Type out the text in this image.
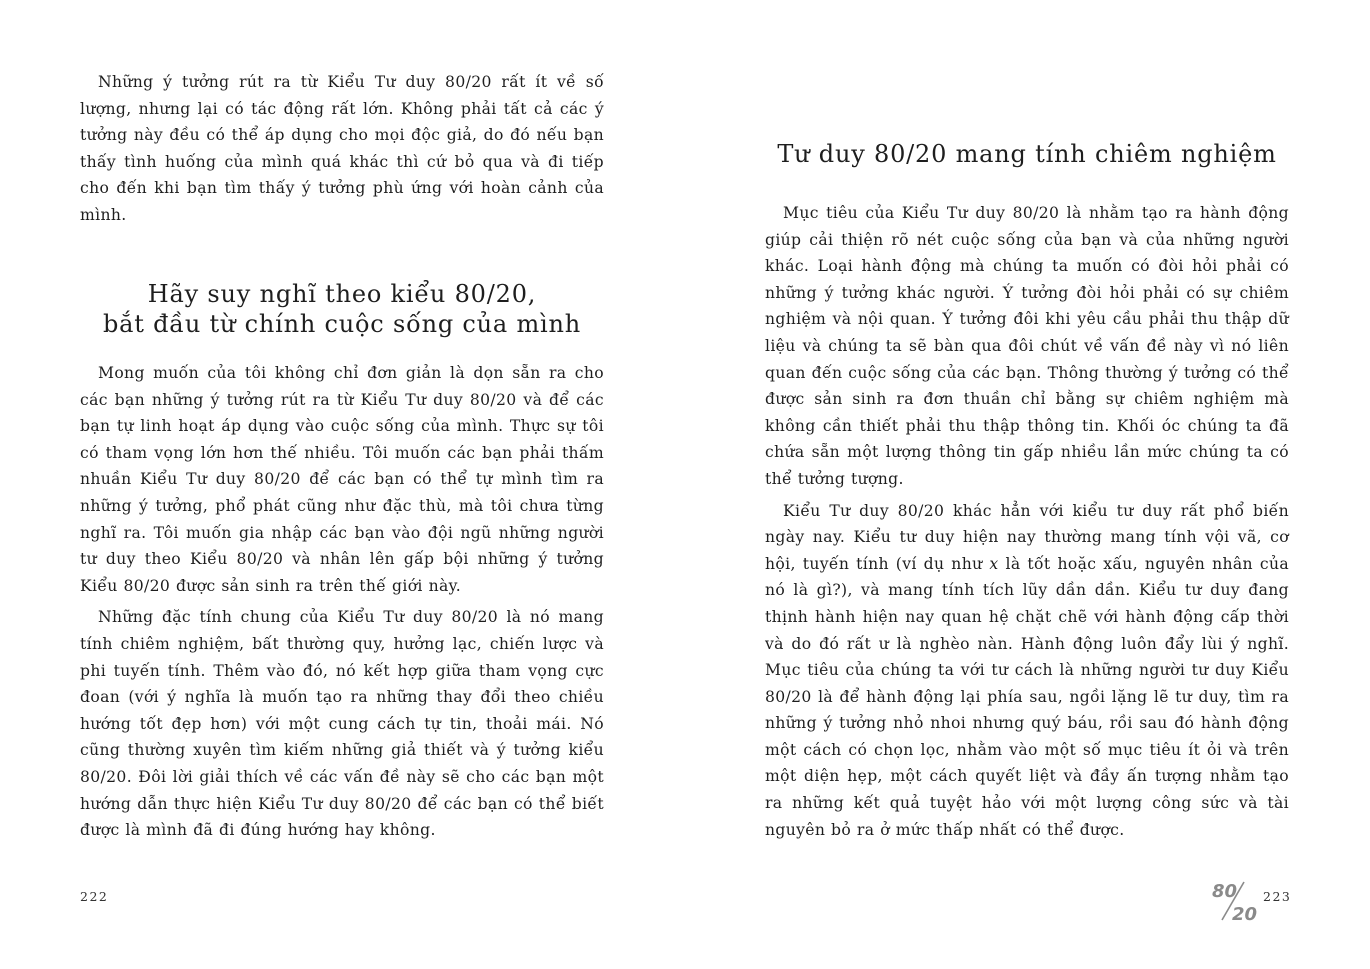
Những ý tưởng rút ra từ Kiểu Tư duy 80/20 rất ít về số lượng, nhưng lại có tác động rất lớn. Không phải tất cả các ý tưởng này đều có thể áp dụng cho mọi độc giả, do đó nếu bạn thấy tình huống của mình quá khác thì cứ bỏ qua và đi tiếp cho đến khi bạn tìm thấy ý tưởng phù ứng với hoàn cảnh của mình.

Hãy suy nghĩ theo kiểu 80/20,
bắt đầu từ chính cuộc sống của mình

Mong muốn của tôi không chỉ đơn giản là dọn sẵn ra cho các bạn những ý tưởng rút ra từ Kiểu Tư duy 80/20 và để các bạn tự linh hoạt áp dụng vào cuộc sống của mình. Thực sự tôi có tham vọng lớn hơn thế nhiều. Tôi muốn các bạn phải thấm nhuần Kiểu Tư duy 80/20 để các bạn có thể tự mình tìm ra những ý tưởng, phổ phát cũng như đặc thù, mà tôi chưa từng nghĩ ra. Tôi muốn gia nhập các bạn vào đội ngũ những người tư duy theo Kiểu 80/20 và nhân lên gấp bội những ý tưởng Kiểu 80/20 được sản sinh ra trên thế giới này.

Những đặc tính chung của Kiểu Tư duy 80/20 là nó mang tính chiêm nghiệm, bất thường quy, hưởng lạc, chiến lược và phi tuyến tính. Thêm vào đó, nó kết hợp giữa tham vọng cực đoan (với ý nghĩa là muốn tạo ra những thay đổi theo chiều hướng tốt đẹp hơn) với một cung cách tự tin, thoải mái. Nó cũng thường xuyên tìm kiếm những giả thiết và ý tưởng kiểu 80/20. Đôi lời giải thích về các vấn đề này sẽ cho các bạn một hướng dẫn thực hiện Kiểu Tư duy 80/20 để các bạn có thể biết được là mình đã đi đúng hướng hay không.

222
Tư duy 80/20 mang tính chiêm nghiệm

Mục tiêu của Kiểu Tư duy 80/20 là nhằm tạo ra hành động giúp cải thiện rõ nét cuộc sống của bạn và của những người khác. Loại hành động mà chúng ta muốn có đòi hỏi phải có những ý tưởng khác người. Ý tưởng đòi hỏi phải có sự chiêm nghiệm và nội quan. Ý tưởng đôi khi yêu cầu phải thu thập dữ liệu và chúng ta sẽ bàn qua đôi chút về vấn đề này vì nó liên quan đến cuộc sống của các bạn. Thông thường ý tưởng có thể được sản sinh ra đơn thuần chỉ bằng sự chiêm nghiệm mà không cần thiết phải thu thập thông tin. Khối óc chúng ta đã chứa sẵn một lượng thông tin gấp nhiều lần mức chúng ta có thể tưởng tượng.

Kiểu Tư duy 80/20 khác hẳn với kiểu tư duy rất phổ biến ngày nay. Kiểu tư duy hiện nay thường mang tính vội vã, cơ hội, tuyến tính (ví dụ như x là tốt hoặc xấu, nguyên nhân của nó là gì?), và mang tính tích lũy dần dần. Kiểu tư duy đang thịnh hành hiện nay quan hệ chặt chẽ với hành động cấp thời và do đó rất ư là nghèo nàn. Hành động luôn đẩy lùi ý nghĩ. Mục tiêu của chúng ta với tư cách là những người tư duy Kiểu 80/20 là để hành động lại phía sau, ngồi lặng lẽ tư duy, tìm ra những ý tưởng nhỏ nhoi nhưng quý báu, rồi sau đó hành động một cách có chọn lọc, nhằm vào một số mục tiêu ít ỏi và trên một diện hẹp, một cách quyết liệt và đầy ấn tượng nhằm tạo ra những kết quả tuyệt hảo với một lượng công sức và tài nguyên bỏ ra ở mức thấp nhất có thể được.

80
20
223
